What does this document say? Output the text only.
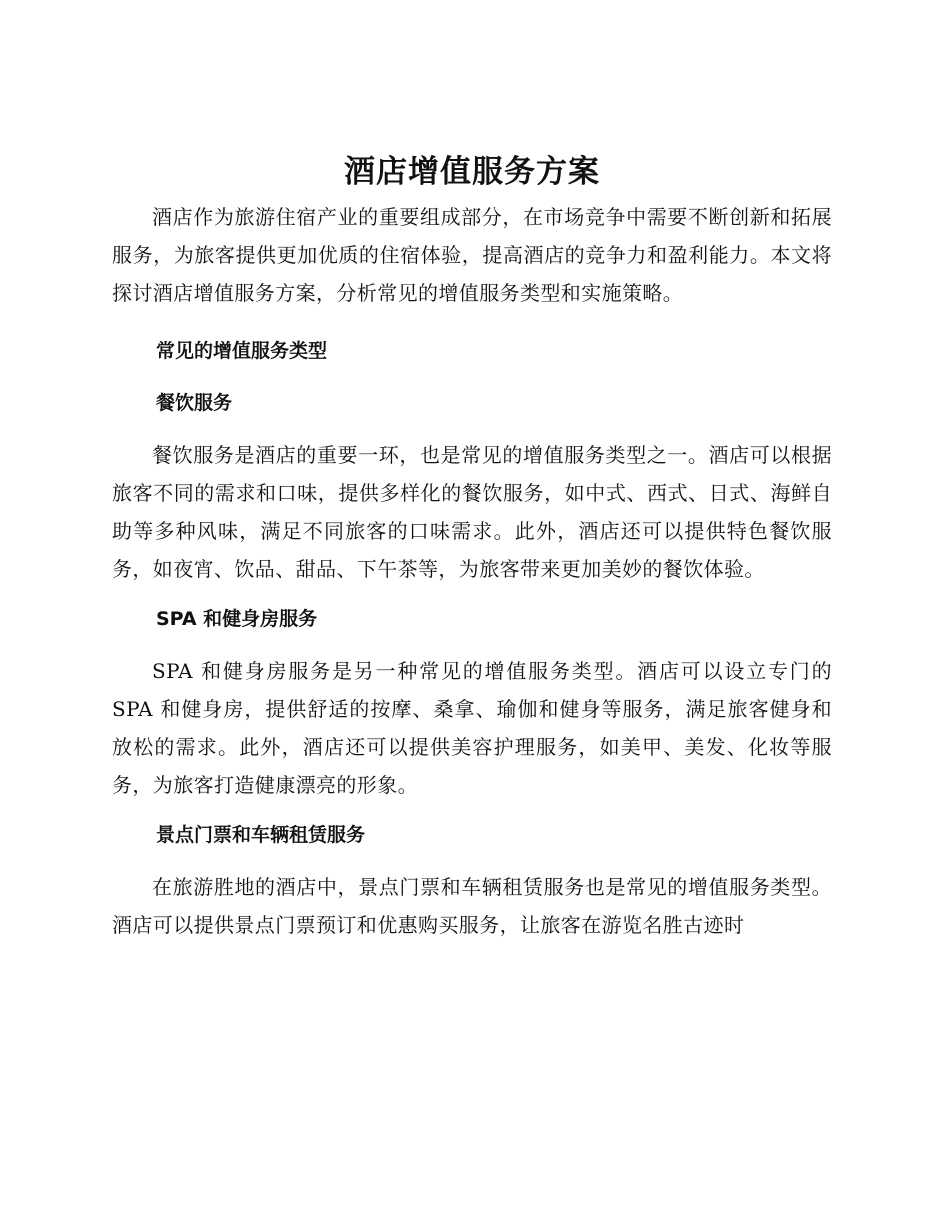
酒店增值服务方案

酒店作为旅游住宿产业的重要组成部分，在市场竞争中需要不断创新和拓展服务，为旅客提供更加优质的住宿体验，提高酒店的竞争力和盈利能力。本文将探讨酒店增值服务方案，分析常见的增值服务类型和实施策略。

常见的增值服务类型
餐饮服务

餐饮服务是酒店的重要一环，也是常见的增值服务类型之一。酒店可以根据旅客不同的需求和口味，提供多样化的餐饮服务，如中式、西式、日式、海鲜自助等多种风味，满足不同旅客的口味需求。此外，酒店还可以提供特色餐饮服务，如夜宵、饮品、甜品、下午茶等，为旅客带来更加美妙的餐饮体验。

SPA 和健身房服务

SPA 和健身房服务是另一种常见的增值服务类型。酒店可以设立专门的 SPA 和健身房，提供舒适的按摩、桑拿、瑜伽和健身等服务，满足旅客健身和放松的需求。此外，酒店还可以提供美容护理服务，如美甲、美发、化妆等服务，为旅客打造健康漂亮的形象。

景点门票和车辆租赁服务

在旅游胜地的酒店中，景点门票和车辆租赁服务也是常见的增值服务类型。酒店可以提供景点门票预订和优惠购买服务，让旅客在游览名胜古迹时
